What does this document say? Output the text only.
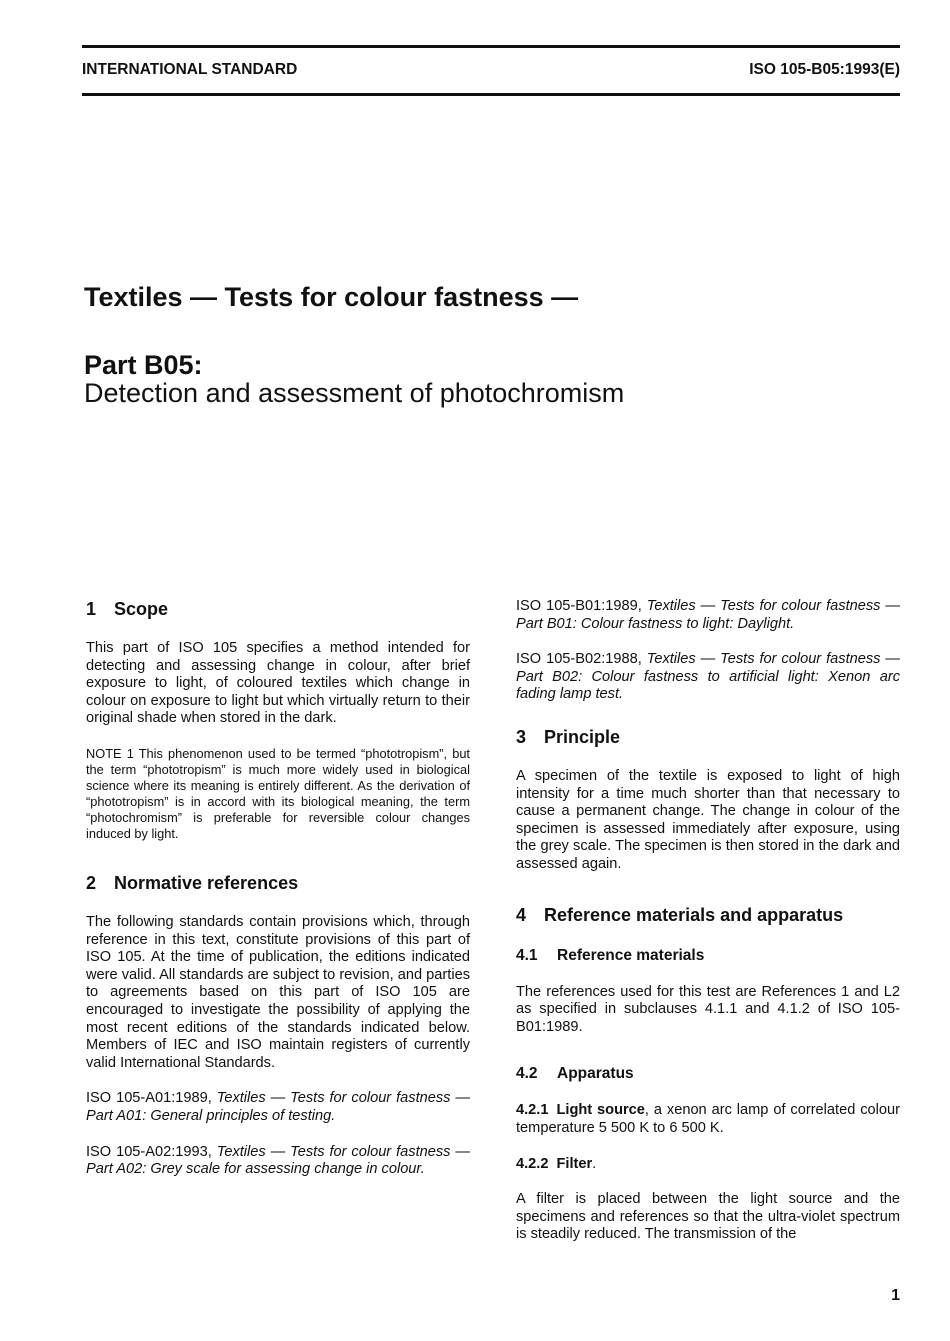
INTERNATIONAL STANDARD	ISO 105-B05:1993(E)
Textiles — Tests for colour fastness —
Part B05:
Detection and assessment of photochromism
1 Scope

This part of ISO 105 specifies a method intended for detecting and assessing change in colour, after brief exposure to light, of coloured textiles which change in colour on exposure to light but which virtually return to their original shade when stored in the dark.

NOTE 1 This phenomenon used to be termed “phototropism”, but the term “phototropism” is much more widely used in biological science where its meaning is entirely different. As the derivation of “phototropism” is in accord with its biological meaning, the term “photochromism” is preferable for reversible colour changes induced by light.

2 Normative references

The following standards contain provisions which, through reference in this text, constitute provisions of this part of ISO 105. At the time of publication, the editions indicated were valid. All standards are subject to revision, and parties to agreements based on this part of ISO 105 are encouraged to investigate the possibility of applying the most recent editions of the standards indicated below. Members of IEC and ISO maintain registers of currently valid International Standards.

ISO 105-A01:1989, Textiles — Tests for colour fastness — Part A01: General principles of testing.

ISO 105-A02:1993, Textiles — Tests for colour fastness — Part A02: Grey scale for assessing change in colour.

ISO 105-B01:1989, Textiles — Tests for colour fastness — Part B01: Colour fastness to light: Daylight.

ISO 105-B02:1988, Textiles — Tests for colour fastness — Part B02: Colour fastness to artificial light: Xenon arc fading lamp test.

3 Principle

A specimen of the textile is exposed to light of high intensity for a time much shorter than that necessary to cause a permanent change. The change in colour of the specimen is assessed immediately after exposure, using the grey scale. The specimen is then stored in the dark and assessed again.

4 Reference materials and apparatus
4.1 Reference materials

The references used for this test are References 1 and L2 as specified in subclauses 4.1.1 and 4.1.2 of ISO 105-B01:1989.

4.2 Apparatus

4.2.1 Light source, a xenon arc lamp of correlated colour temperature 5 500 K to 6 500 K.

4.2.2 Filter.

A filter is placed between the light source and the specimens and references so that the ultra-violet spectrum is steadily reduced. The transmission of the

1
